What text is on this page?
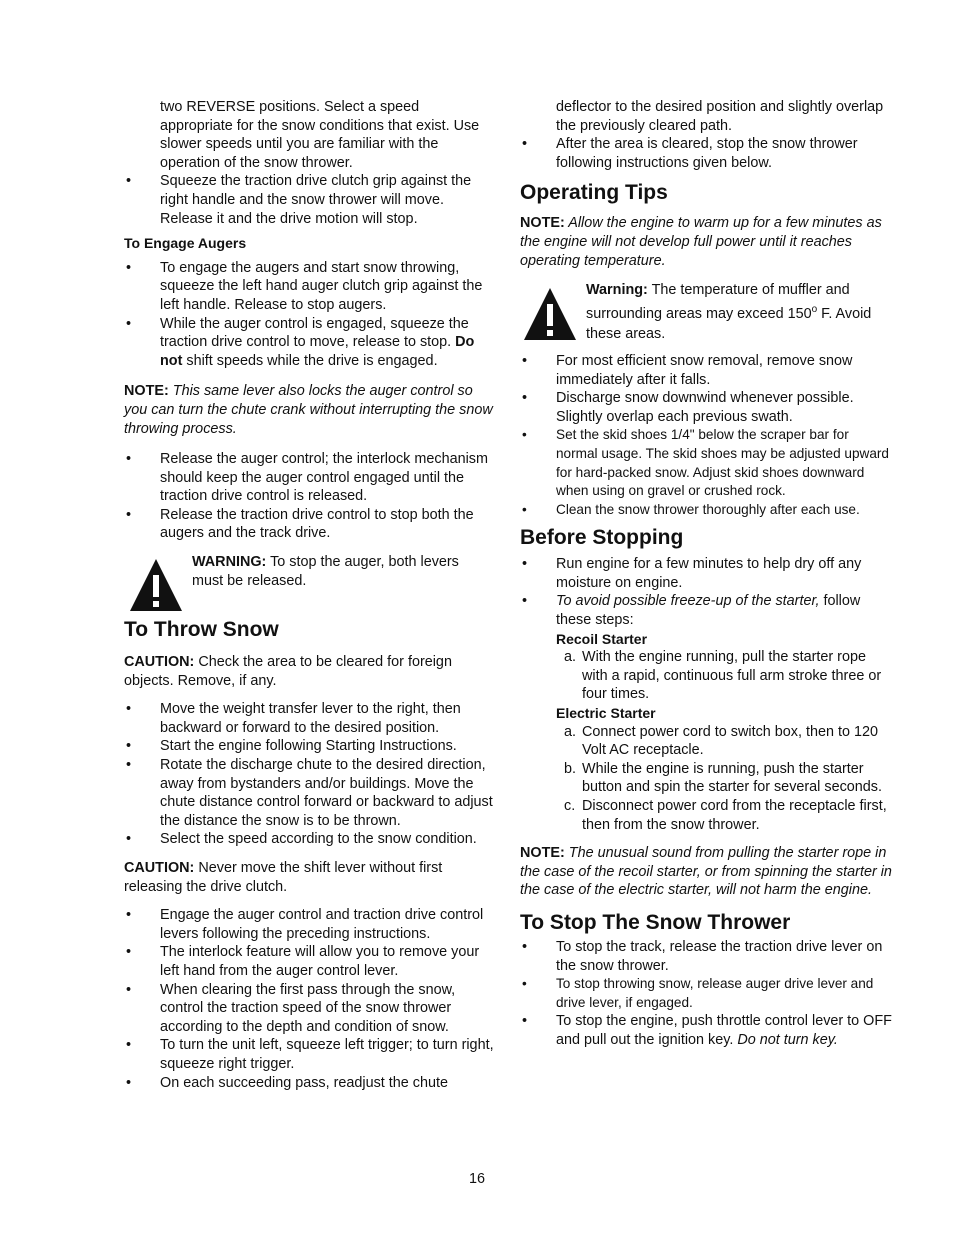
two REVERSE positions. Select a speed appropriate for the snow conditions that exist. Use slower speeds until you are familiar with the operation of the snow thrower.

• Squeeze the traction drive clutch grip against the right handle and the snow thrower will move. Release it and the drive motion will stop.

To Engage Augers

• To engage the augers and start snow throwing, squeeze the left hand auger clutch grip against the left handle. Release to stop augers.
• While the auger control is engaged, squeeze the traction drive control to move, release to stop. Do not shift speeds while the drive is engaged.

NOTE: This same lever also locks the auger control so you can turn the chute crank without interrupting the snow throwing process.

• Release the auger control; the interlock mechanism should keep the auger control engaged until the traction drive control is released.
• Release the traction drive control to stop both the augers and the track drive.

WARNING: To stop the auger, both levers must be released.

To Throw Snow

CAUTION: Check the area to be cleared for foreign objects. Remove, if any.

• Move the weight transfer lever to the right, then backward or forward to the desired position.
• Start the engine following Starting Instructions.
• Rotate the discharge chute to the desired direction, away from bystanders and/or buildings. Move the chute distance control forward or backward to adjust the distance the snow is to be thrown.
• Select the speed according to the snow condition.

CAUTION: Never move the shift lever without first releasing the drive clutch.

• Engage the auger control and traction drive control levers following the preceding instructions.
• The interlock feature will allow you to remove your left hand from the auger control lever.
• When clearing the first pass through the snow, control the traction speed of the snow thrower according to the depth and condition of snow.
• To turn the unit left, squeeze left trigger; to turn right, squeeze right trigger.
• On each succeeding pass, readjust the chute

deflector to the desired position and slightly overlap the previously cleared path.

• After the area is cleared, stop the snow thrower following instructions given below.
Operating Tips

NOTE: Allow the engine to warm up for a few minutes as the engine will not develop full power until it reaches operating temperature.

Warning: The temperature of muffler and surrounding areas may exceed 150$^o$ F. Avoid these areas.

• For most efficient snow removal, remove snow immediately after it falls.
• Discharge snow downwind whenever possible. Slightly overlap each previous swath.
• Set the skid shoes 1/4" below the scraper bar for normal usage. The skid shoes may be adjusted upward for hard-packed snow. Adjust skid shoes downward when using on gravel or crushed rock.
• Clean the snow thrower thoroughly after each use.
Before Stopping
• Run engine for a few minutes to help dry off any moisture on engine.
• To avoid possible freeze-up of the starter, follow these steps:

Recoil Starter

a. With the engine running, pull the starter rope with a rapid, continuous full arm stroke three or four times.

Electric Starter

a. Connect power cord to switch box, then to 120 Volt AC receptacle.
b. While the engine is running, push the starter button and spin the starter for several seconds.
c. Disconnect power cord from the receptacle first, then from the snow thrower.

NOTE: The unusual sound from pulling the starter rope in the case of the recoil starter, or from spinning the starter in the case of the electric starter, will not harm the engine.

To Stop The Snow Thrower
• To stop the track, release the traction drive lever on the snow thrower.
• To stop throwing snow, release auger drive lever and drive lever, if engaged.
• To stop the engine, push throttle control lever to OFF and pull out the ignition key. Do not turn key.
16
